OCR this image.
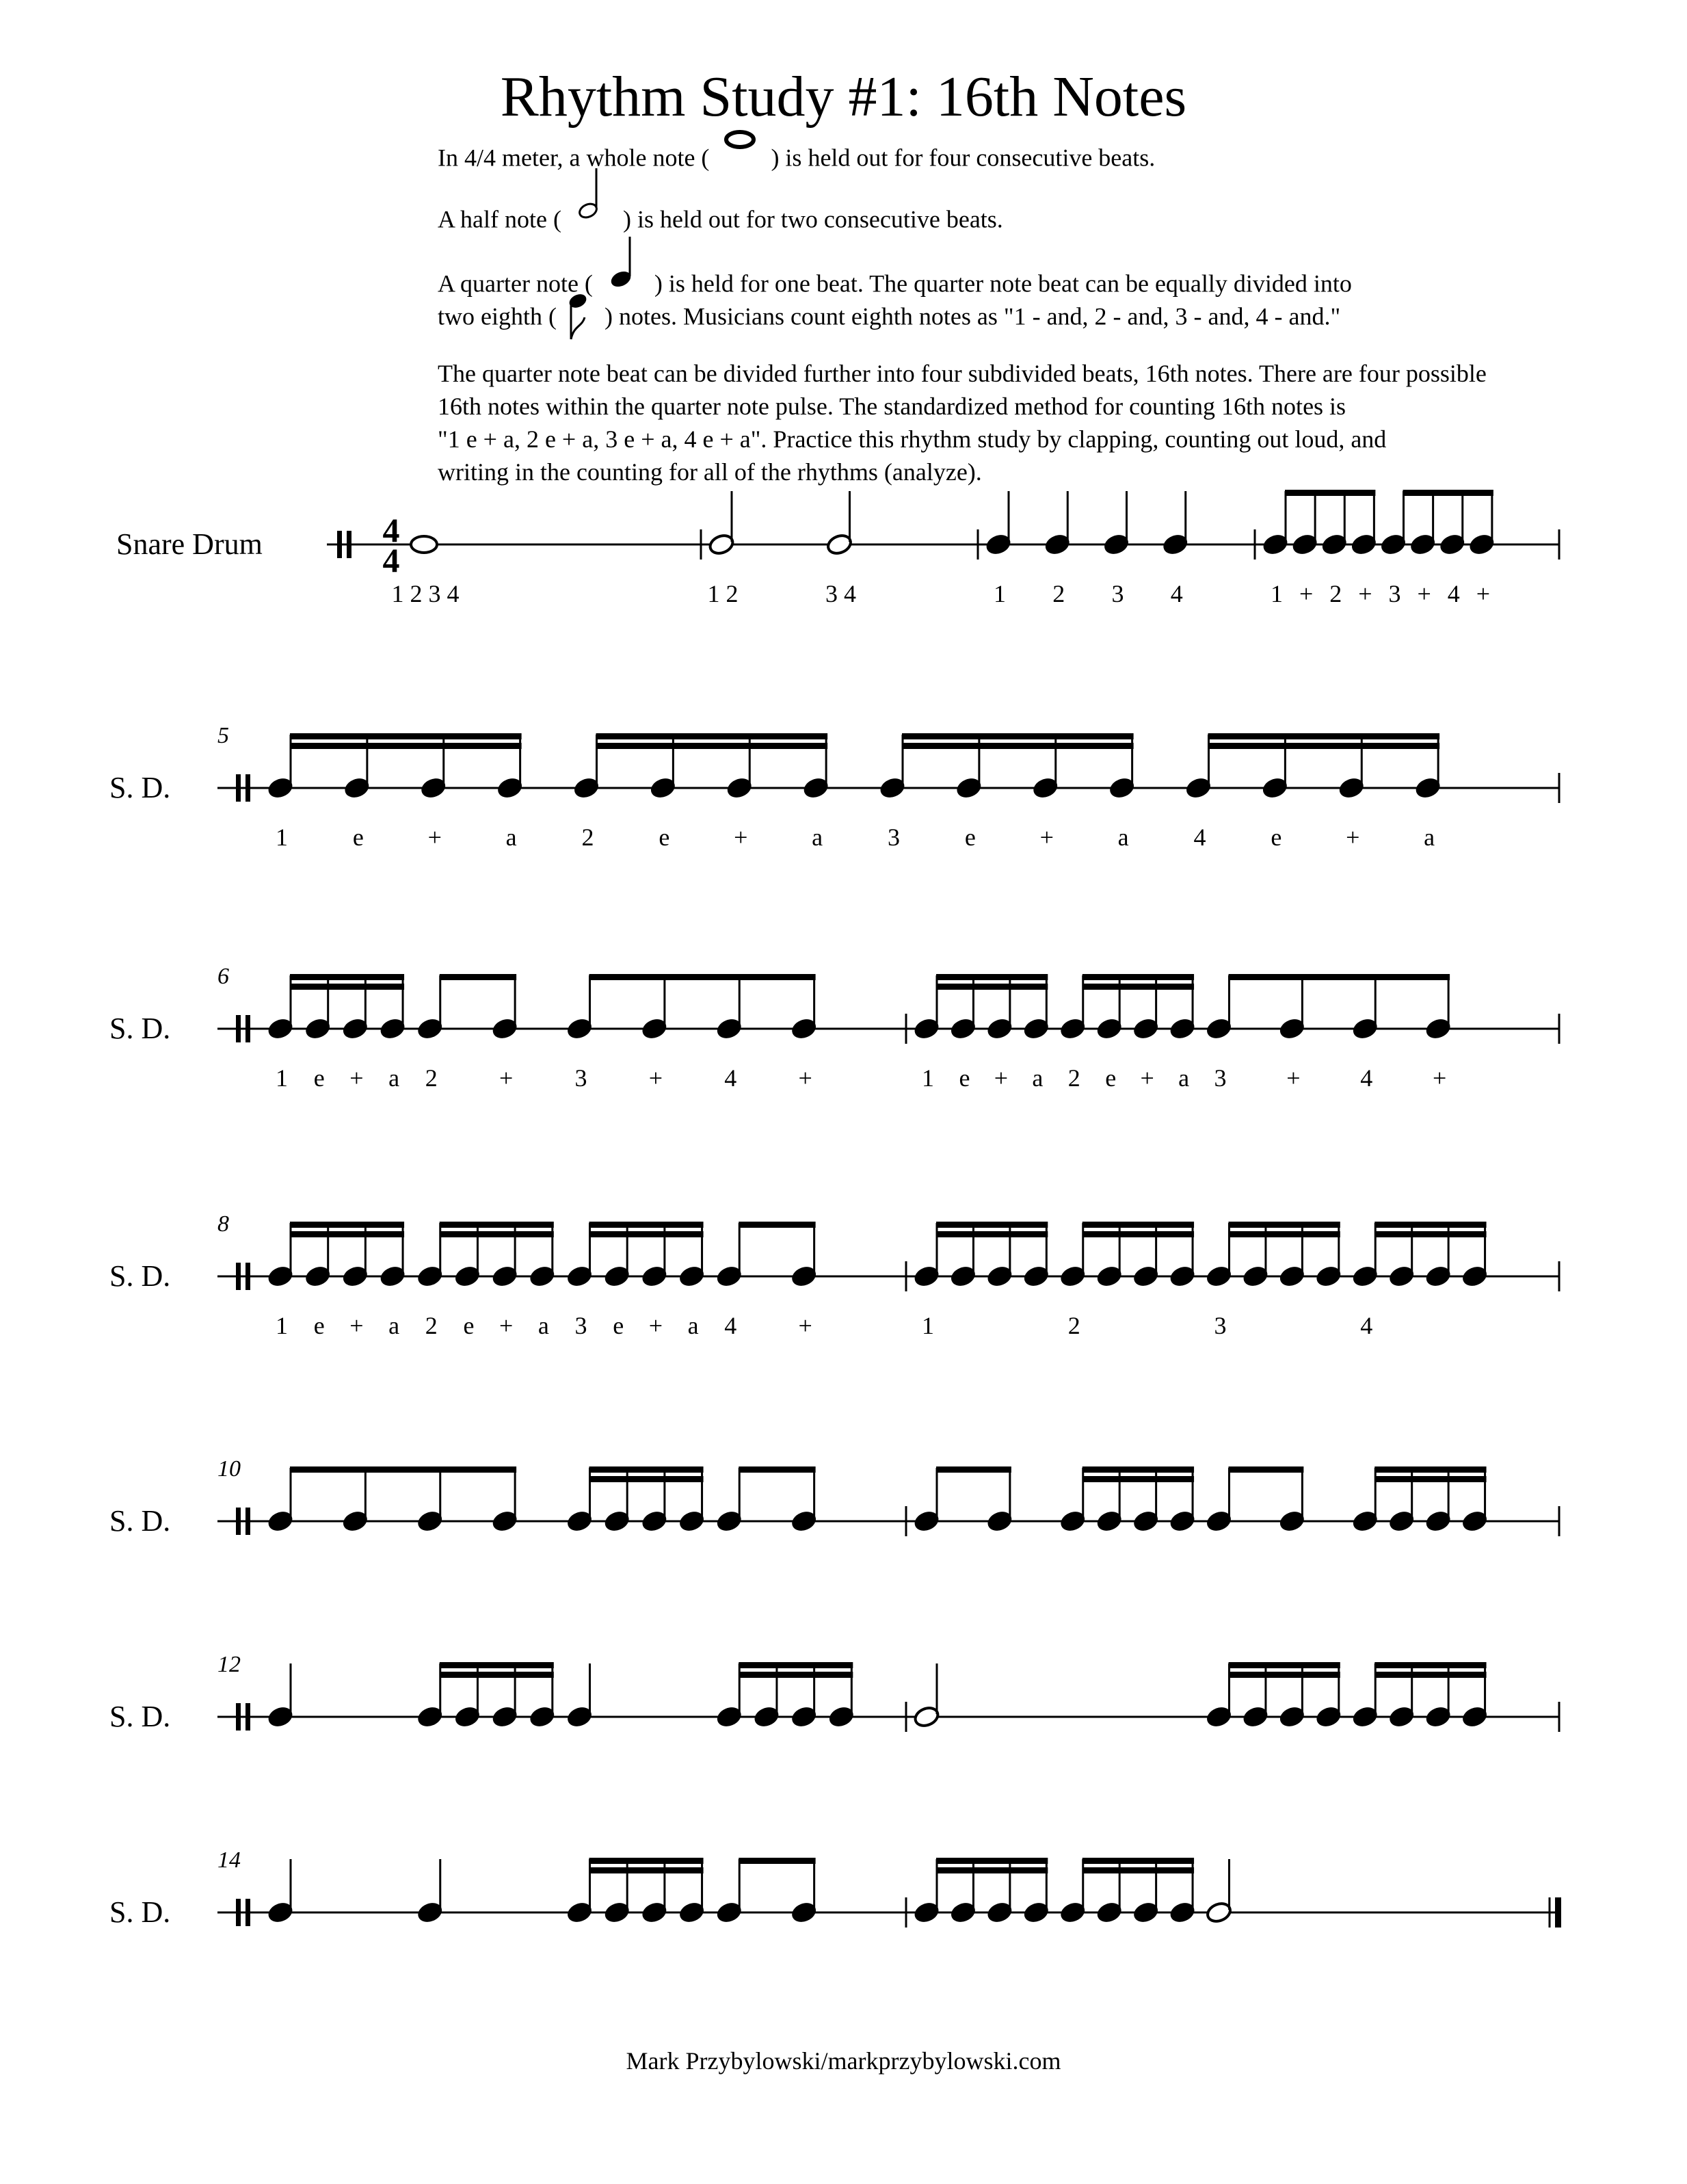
Rhythm Study #1: 16th Notes
In 4/4 meter, a whole note (	) is held out for four consecutive beats.
A half note (	) is held out for two consecutive beats.
A quarter note (	) is held for one beat. The quarter note beat can be equally divided into
two eighth ( ) notes. Musicians count eighth notes as "1 - and, 2 - and, 3 - and, 4 - and."
The quarter note beat can be divided further into four subdivided beats, 16th notes. There are four possible
16th notes within the quarter note pulse. The standardized method for counting 16th notes is
"1 e + a, 2 e + a, 3 e + a, 4 e + a". Practice this rhythm study by clapping, counting out loud, and
writing in the counting for all of the rhythms (analyze).
Snare Drum	4
4
1 2 3 4	1 2	3 4	1 2 3 4	1 + 2 + 3 + 4 +
S. D.
5
1	e	+	a	2	e	+	a	3	e	+	a	4	e	+	a
S. D.
6
1 e + a 2	+	3	+	4	+	1 e + a 2 e + a 3 + 4 +
S. D.
8
1 e + a 2 e + a 3 e + a 4	+	1	2	3	4
S. D.
10
S. D.
12
S. D.
14
Mark Przybylowski/markprzybylowski.com
